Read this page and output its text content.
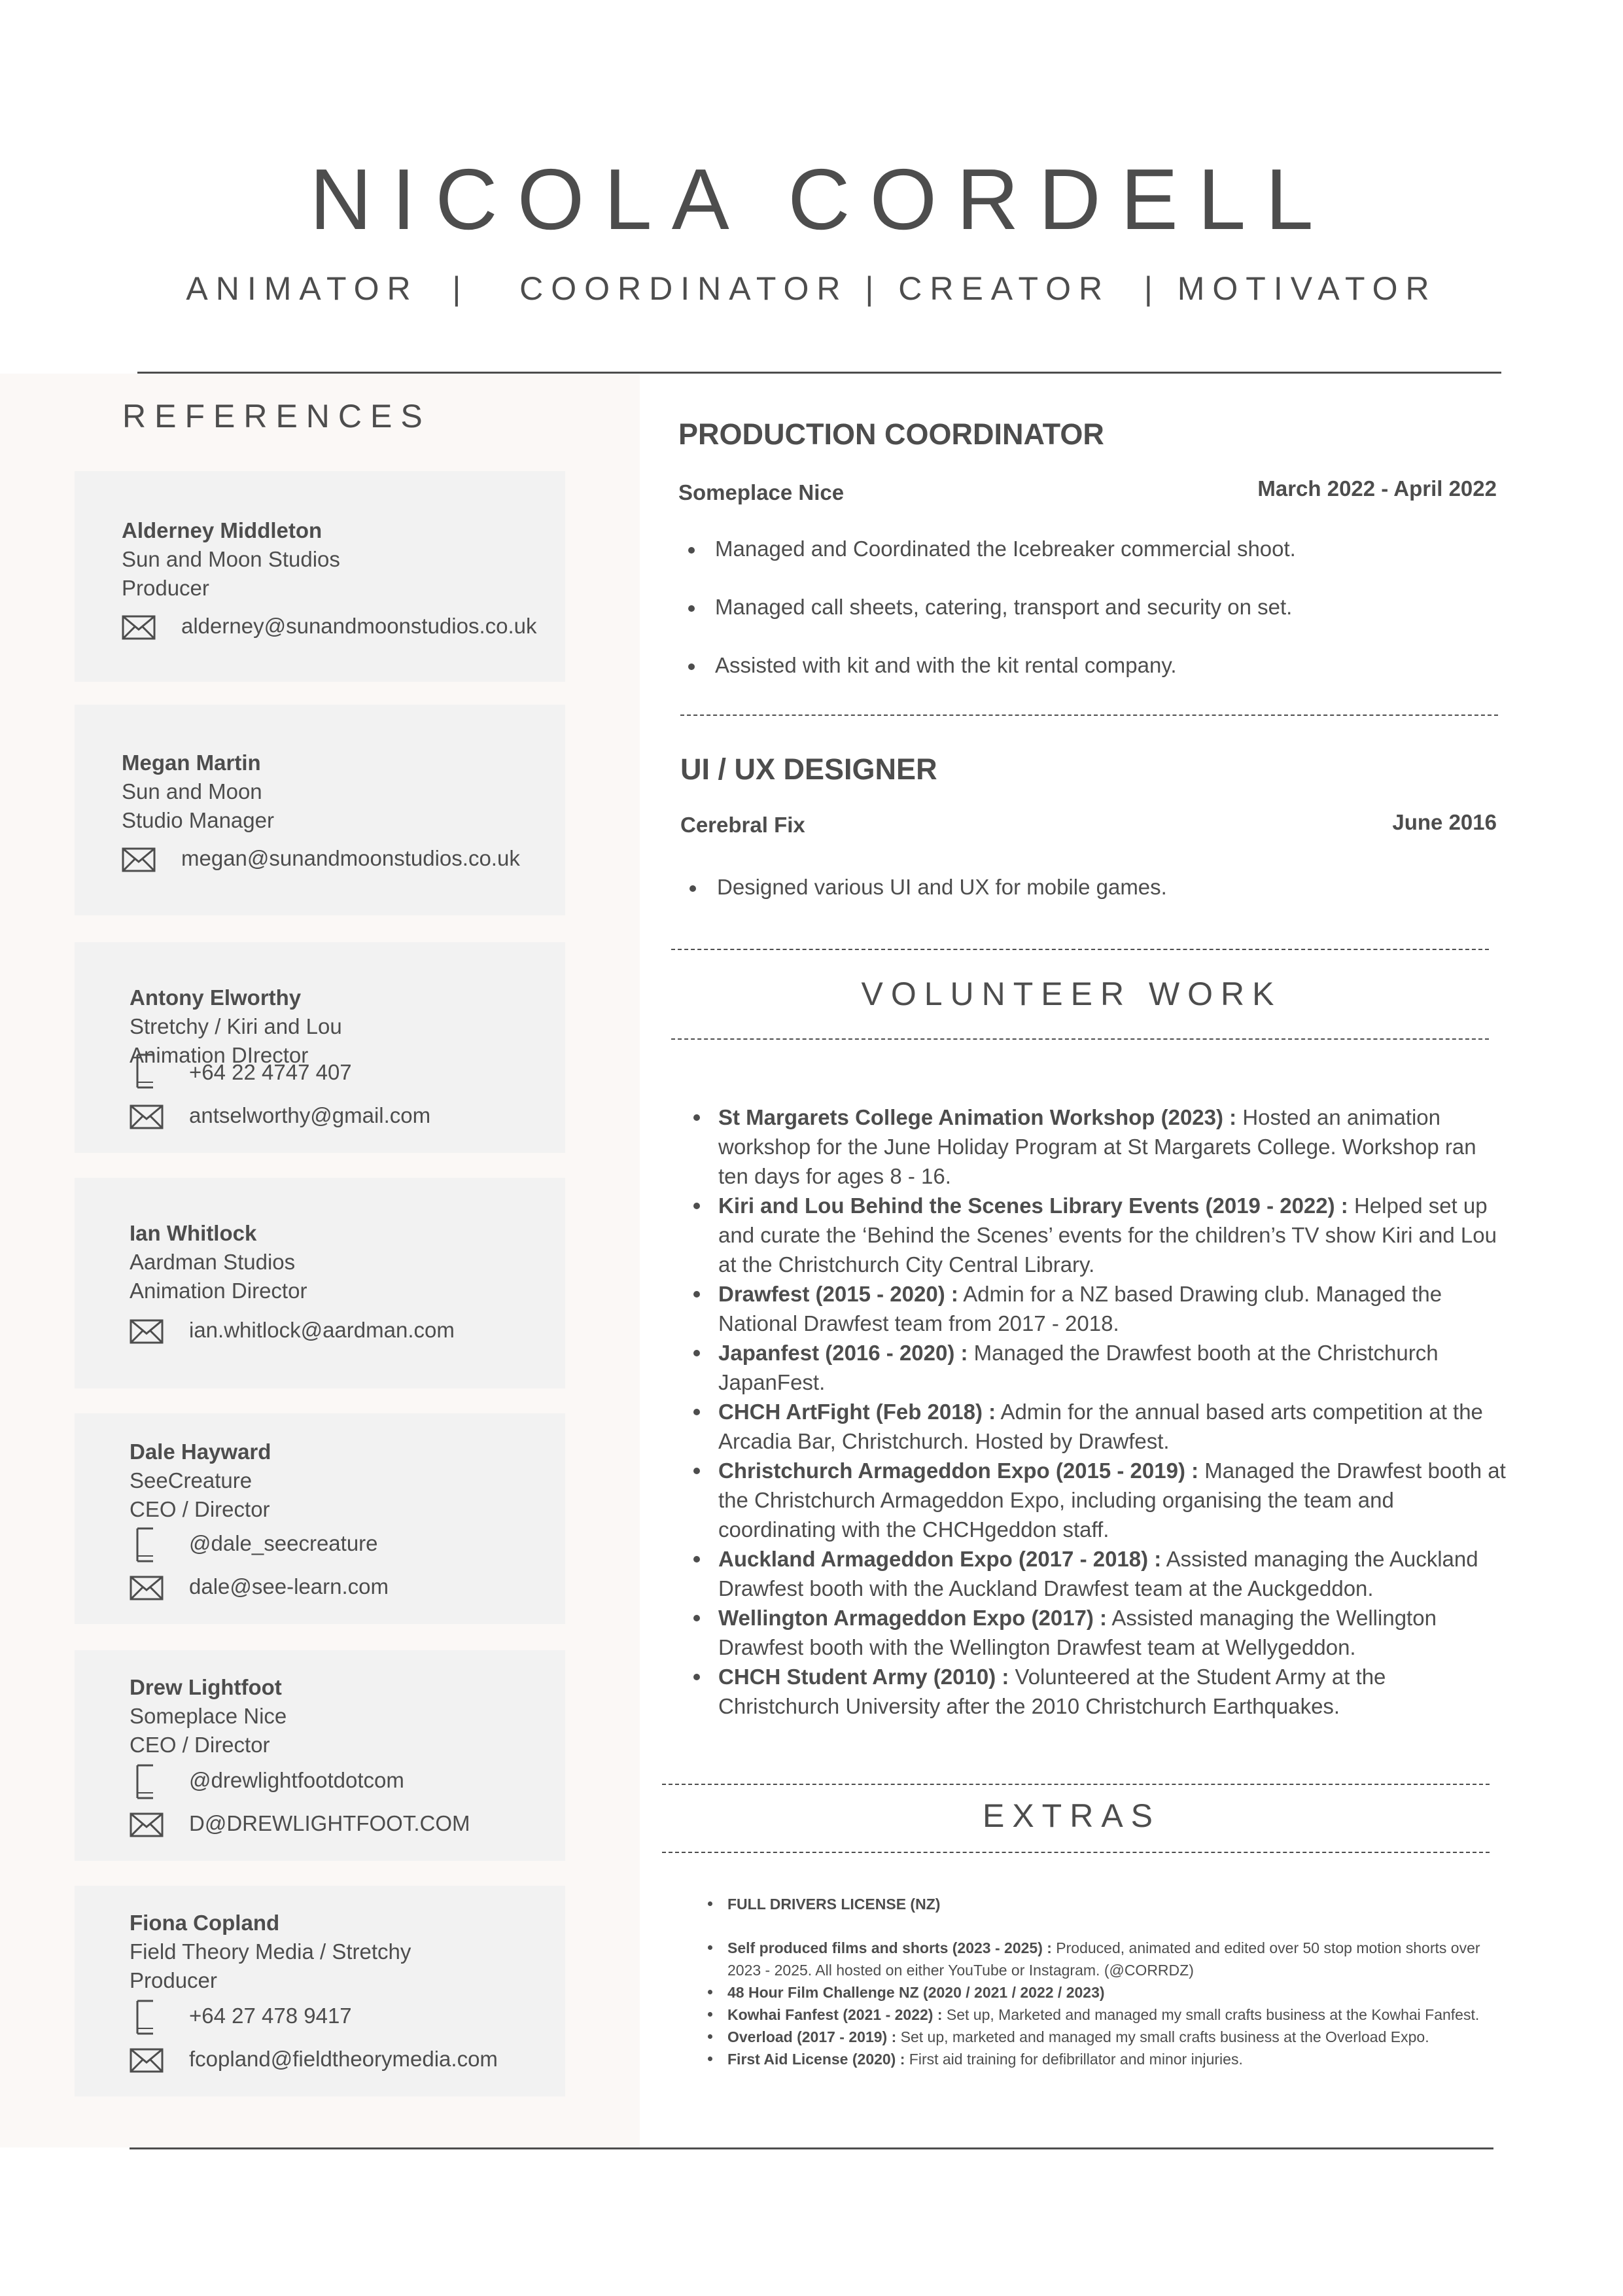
NICOLA CORDELL
ANIMATOR  |   COORDINATOR | CREATOR  | MOTIVATOR
REFERENCES
Alderney Middleton
Sun and Moon Studios
Producer
alderney@sunandmoonstudios.co.uk
Megan Martin
Sun and Moon
Studio Manager
megan@sunandmoonstudios.co.uk
Antony Elworthy
Stretchy / Kiri and Lou
Animation DIrector
+64 22 4747 407
antselworthy@gmail.com
Ian Whitlock
Aardman Studios
Animation Director
ian.whitlock@aardman.com
Dale Hayward
SeeCreature
CEO / Director
@dale_seecreature
dale@see-learn.com
Drew Lightfoot
Someplace Nice
CEO / Director
@drewlightfootdotcom
D@DREWLIGHTFOOT.COM
Fiona Copland
Field Theory Media / Stretchy
Producer
+64 27 478 9417
fcopland@fieldtheorymedia.com
PRODUCTION COORDINATOR
Someplace Nice	March 2022 - April 2022
Managed and Coordinated the Icebreaker commercial shoot.
Managed call sheets, catering, transport and security on set.
Assisted with kit and with the kit rental company.
UI / UX DESIGNER
Cerebral Fix	June 2016
Designed various UI and UX for mobile games.
VOLUNTEER WORK
St Margarets College Animation Workshop (2023) : Hosted an animation workshop for the June Holiday Program at St Margarets College. Workshop ran ten days for ages 8 - 16.
Kiri and Lou Behind the Scenes Library Events (2019 - 2022) : Helped set up and curate the ‘Behind the Scenes’ events for the children’s TV show Kiri and Lou at the Christchurch City Central Library.
Drawfest (2015 - 2020) : Admin for a NZ based Drawing club. Managed the National Drawfest team from 2017 - 2018.
Japanfest (2016 - 2020) : Managed the Drawfest booth at the Christchurch JapanFest.
CHCH ArtFight (Feb 2018) : Admin for the annual based arts competition at the Arcadia Bar, Christchurch. Hosted by Drawfest.
Christchurch Armageddon Expo (2015 - 2019) : Managed the Drawfest booth at the Christchurch Armageddon Expo, including organising the team and coordinating with the CHCHgeddon staff.
Auckland Armageddon Expo (2017 - 2018) : Assisted managing the Auckland Drawfest booth with the Auckland Drawfest team at the Auckgeddon.
Wellington Armageddon Expo (2017) : Assisted managing the Wellington Drawfest booth with the Wellington Drawfest team at Wellygeddon.
CHCH Student Army (2010) : Volunteered at the Student Army at the Christchurch University after the 2010 Christchurch Earthquakes.
EXTRAS
FULL DRIVERS LICENSE (NZ)
Self produced films and shorts (2023 - 2025) : Produced, animated and edited over 50 stop motion shorts over 2023 - 2025. All hosted on either YouTube or Instagram. (@CORRDZ)
48 Hour Film Challenge NZ (2020 / 2021 / 2022 / 2023)
Kowhai Fanfest (2021 - 2022) : Set up, Marketed and managed my small crafts business at the Kowhai Fanfest.
Overload (2017 - 2019) : Set up, marketed and managed my small crafts business at the Overload Expo.
First Aid License (2020) : First aid training for defibrillator and minor injuries.
